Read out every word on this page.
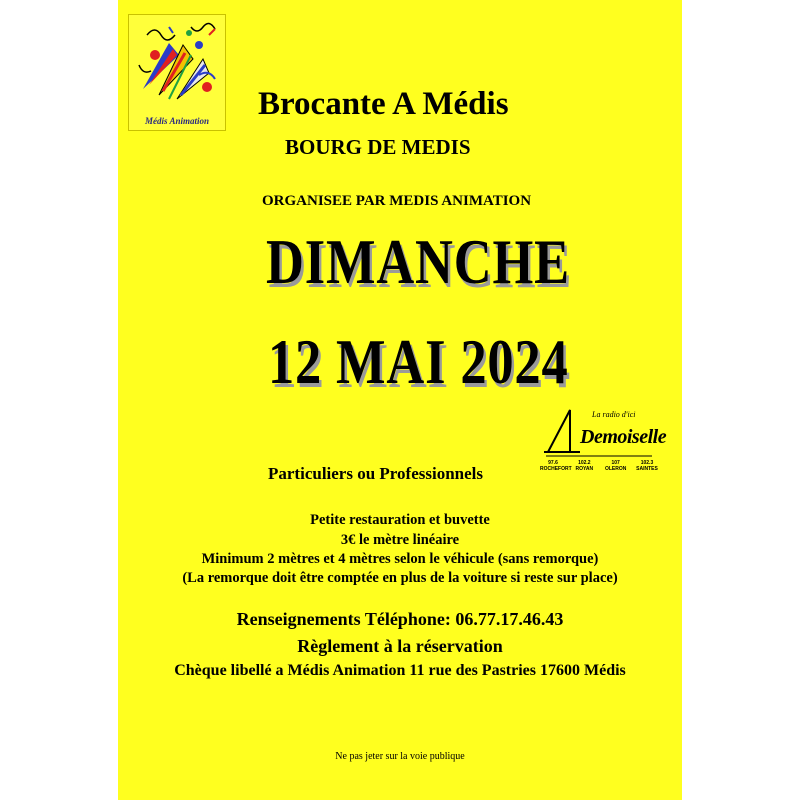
Médis Animation	Brocante A Médis
BOURG DE MEDIS
ORGANISEE PAR MEDIS ANIMATION
DIMANCHE
12 MAI 2024
La radio d'ici
Demoiselle
97.6
ROCHEFORT
102.2
ROYAN
107
OLERON
102.3
SAINTES
Particuliers ou Professionnels
Petite restauration et buvette
3€ le mètre linéaire
Minimum 2 mètres et 4 mètres selon le véhicule (sans remorque)
(La remorque doit être comptée en plus de la voiture si reste sur place)
Renseignements Téléphone: 06.77.17.46.43
Règlement à la réservation
Chèque libellé a Médis Animation 11 rue des Pastries 17600 Médis
Ne pas jeter sur la voie publique
